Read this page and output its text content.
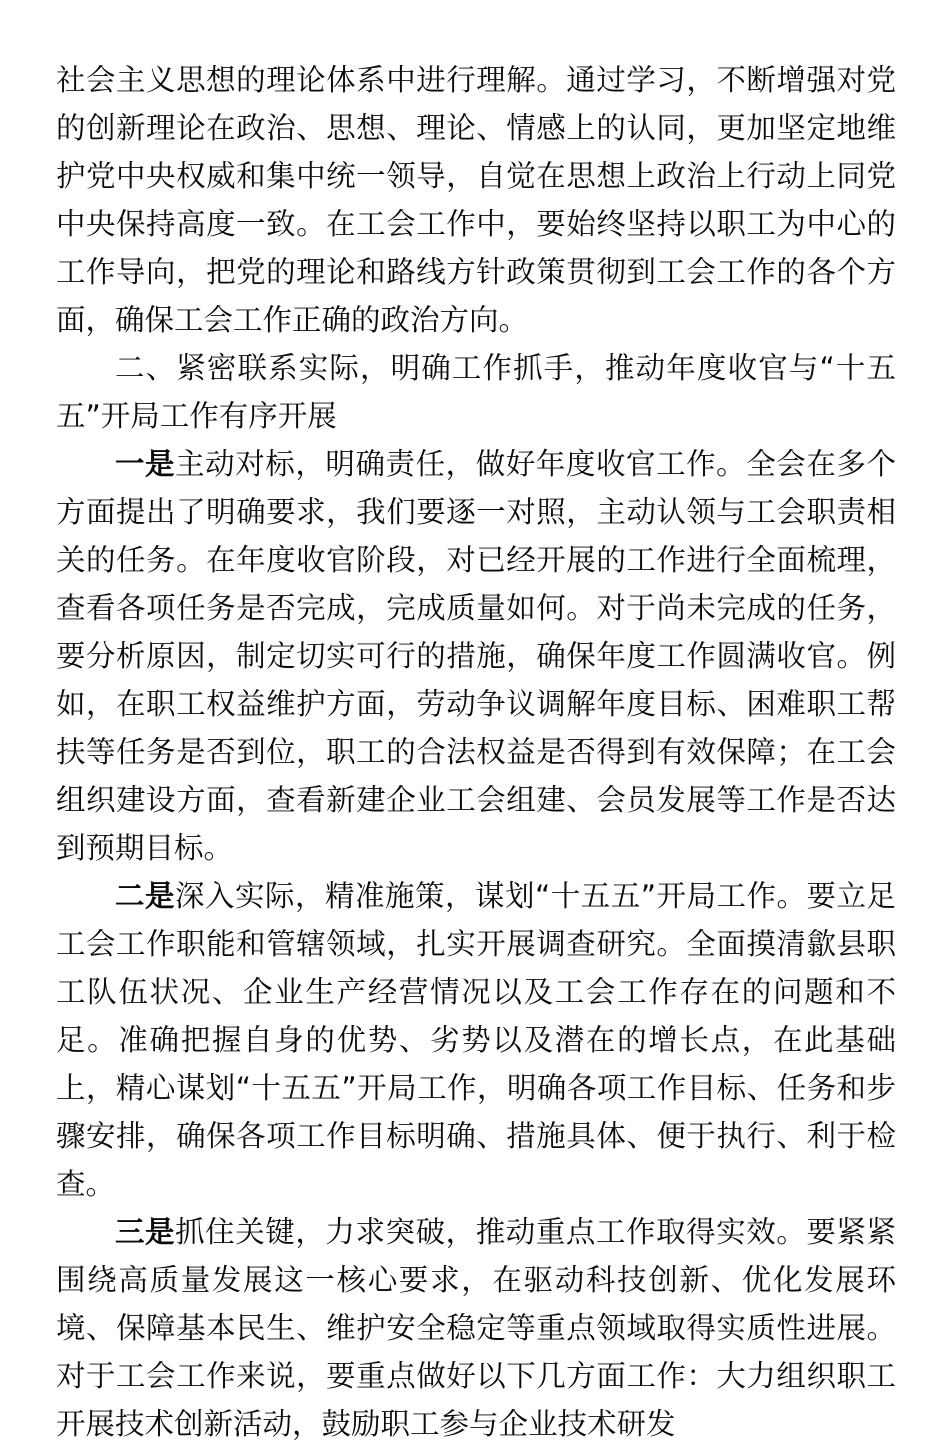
社会主义思想的理论体系中进行理解。通过学习，不断增强对党的创新理论在政治、思想、理论、情感上的认同，更加坚定地维护党中央权威和集中统一领导，自觉在思想上政治上行动上同党中央保持高度一致。在工会工作中，要始终坚持以职工为中心的工作导向，把党的理论和路线方针政策贯彻到工会工作的各个方面，确保工会工作正确的政治方向。

二、紧密联系实际，明确工作抓手，推动年度收官与“十五五”开局工作有序开展

一是主动对标，明确责任，做好年度收官工作。全会在多个方面提出了明确要求，我们要逐一对照，主动认领与工会职责相关的任务。在年度收官阶段，对已经开展的工作进行全面梳理，查看各项任务是否完成，完成质量如何。对于尚未完成的任务，要分析原因，制定切实可行的措施，确保年度工作圆满收官。例如，在职工权益维护方面，劳动争议调解年度目标、困难职工帮扶等任务是否到位，职工的合法权益是否得到有效保障；在工会组织建设方面，查看新建企业工会组建、会员发展等工作是否达到预期目标。

二是深入实际，精准施策，谋划“十五五”开局工作。要立足工会工作职能和管辖领域，扎实开展调查研究。全面摸清歙县职工队伍状况、企业生产经营情况以及工会工作存在的问题和不足。准确把握自身的优势、劣势以及潜在的增长点，在此基础上，精心谋划“十五五”开局工作，明确各项工作目标、任务和步骤安排，确保各项工作目标明确、措施具体、便于执行、利于检查。

三是抓住关键，力求突破，推动重点工作取得实效。要紧紧围绕高质量发展这一核心要求，在驱动科技创新、优化发展环境、保障基本民生、维护安全稳定等重点领域取得实质性进展。对于工会工作来说，要重点做好以下几方面工作：大力组织职工开展技术创新活动，鼓励职工参与企业技术研发
